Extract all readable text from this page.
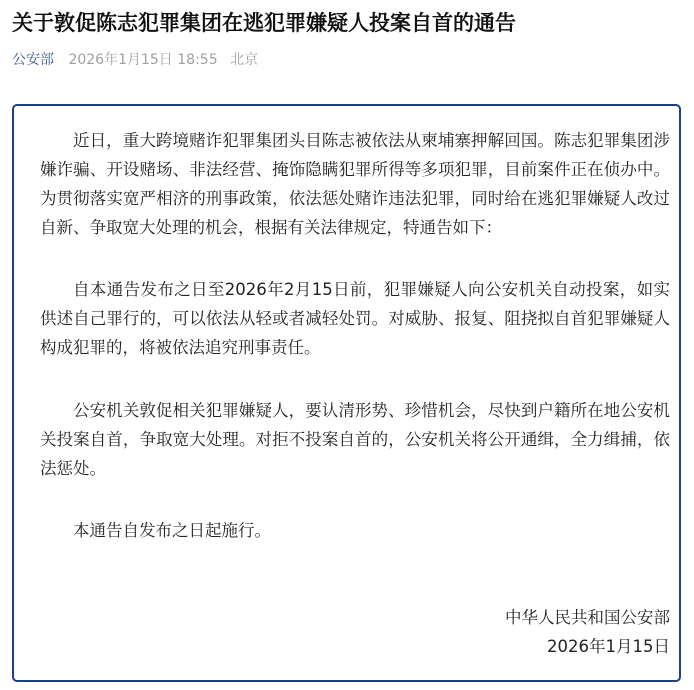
关于敦促陈志犯罪集团在逃犯罪嫌疑人投案自首的通告
公安部 2026年1月15日 18:55 北京

近日，重大跨境赌诈犯罪集团头目陈志被依法从柬埔寨押解回国。陈志犯罪集团涉嫌诈骗、开设赌场、非法经营、掩饰隐瞒犯罪所得等多项犯罪，目前案件正在侦办中。为贯彻落实宽严相济的刑事政策，依法惩处赌诈违法犯罪，同时给在逃犯罪嫌疑人改过自新、争取宽大处理的机会，根据有关法律规定，特通告如下：

自本通告发布之日至2026年2月15日前，犯罪嫌疑人向公安机关自动投案，如实供述自己罪行的，可以依法从轻或者减轻处罚。对威胁、报复、阻挠拟自首犯罪嫌疑人构成犯罪的，将被依法追究刑事责任。

公安机关敦促相关犯罪嫌疑人，要认清形势、珍惜机会，尽快到户籍所在地公安机关投案自首，争取宽大处理。对拒不投案自首的，公安机关将公开通缉，全力缉捕，依法惩处。

本通告自发布之日起施行。

中华人民共和国公安部
2026年1月15日
